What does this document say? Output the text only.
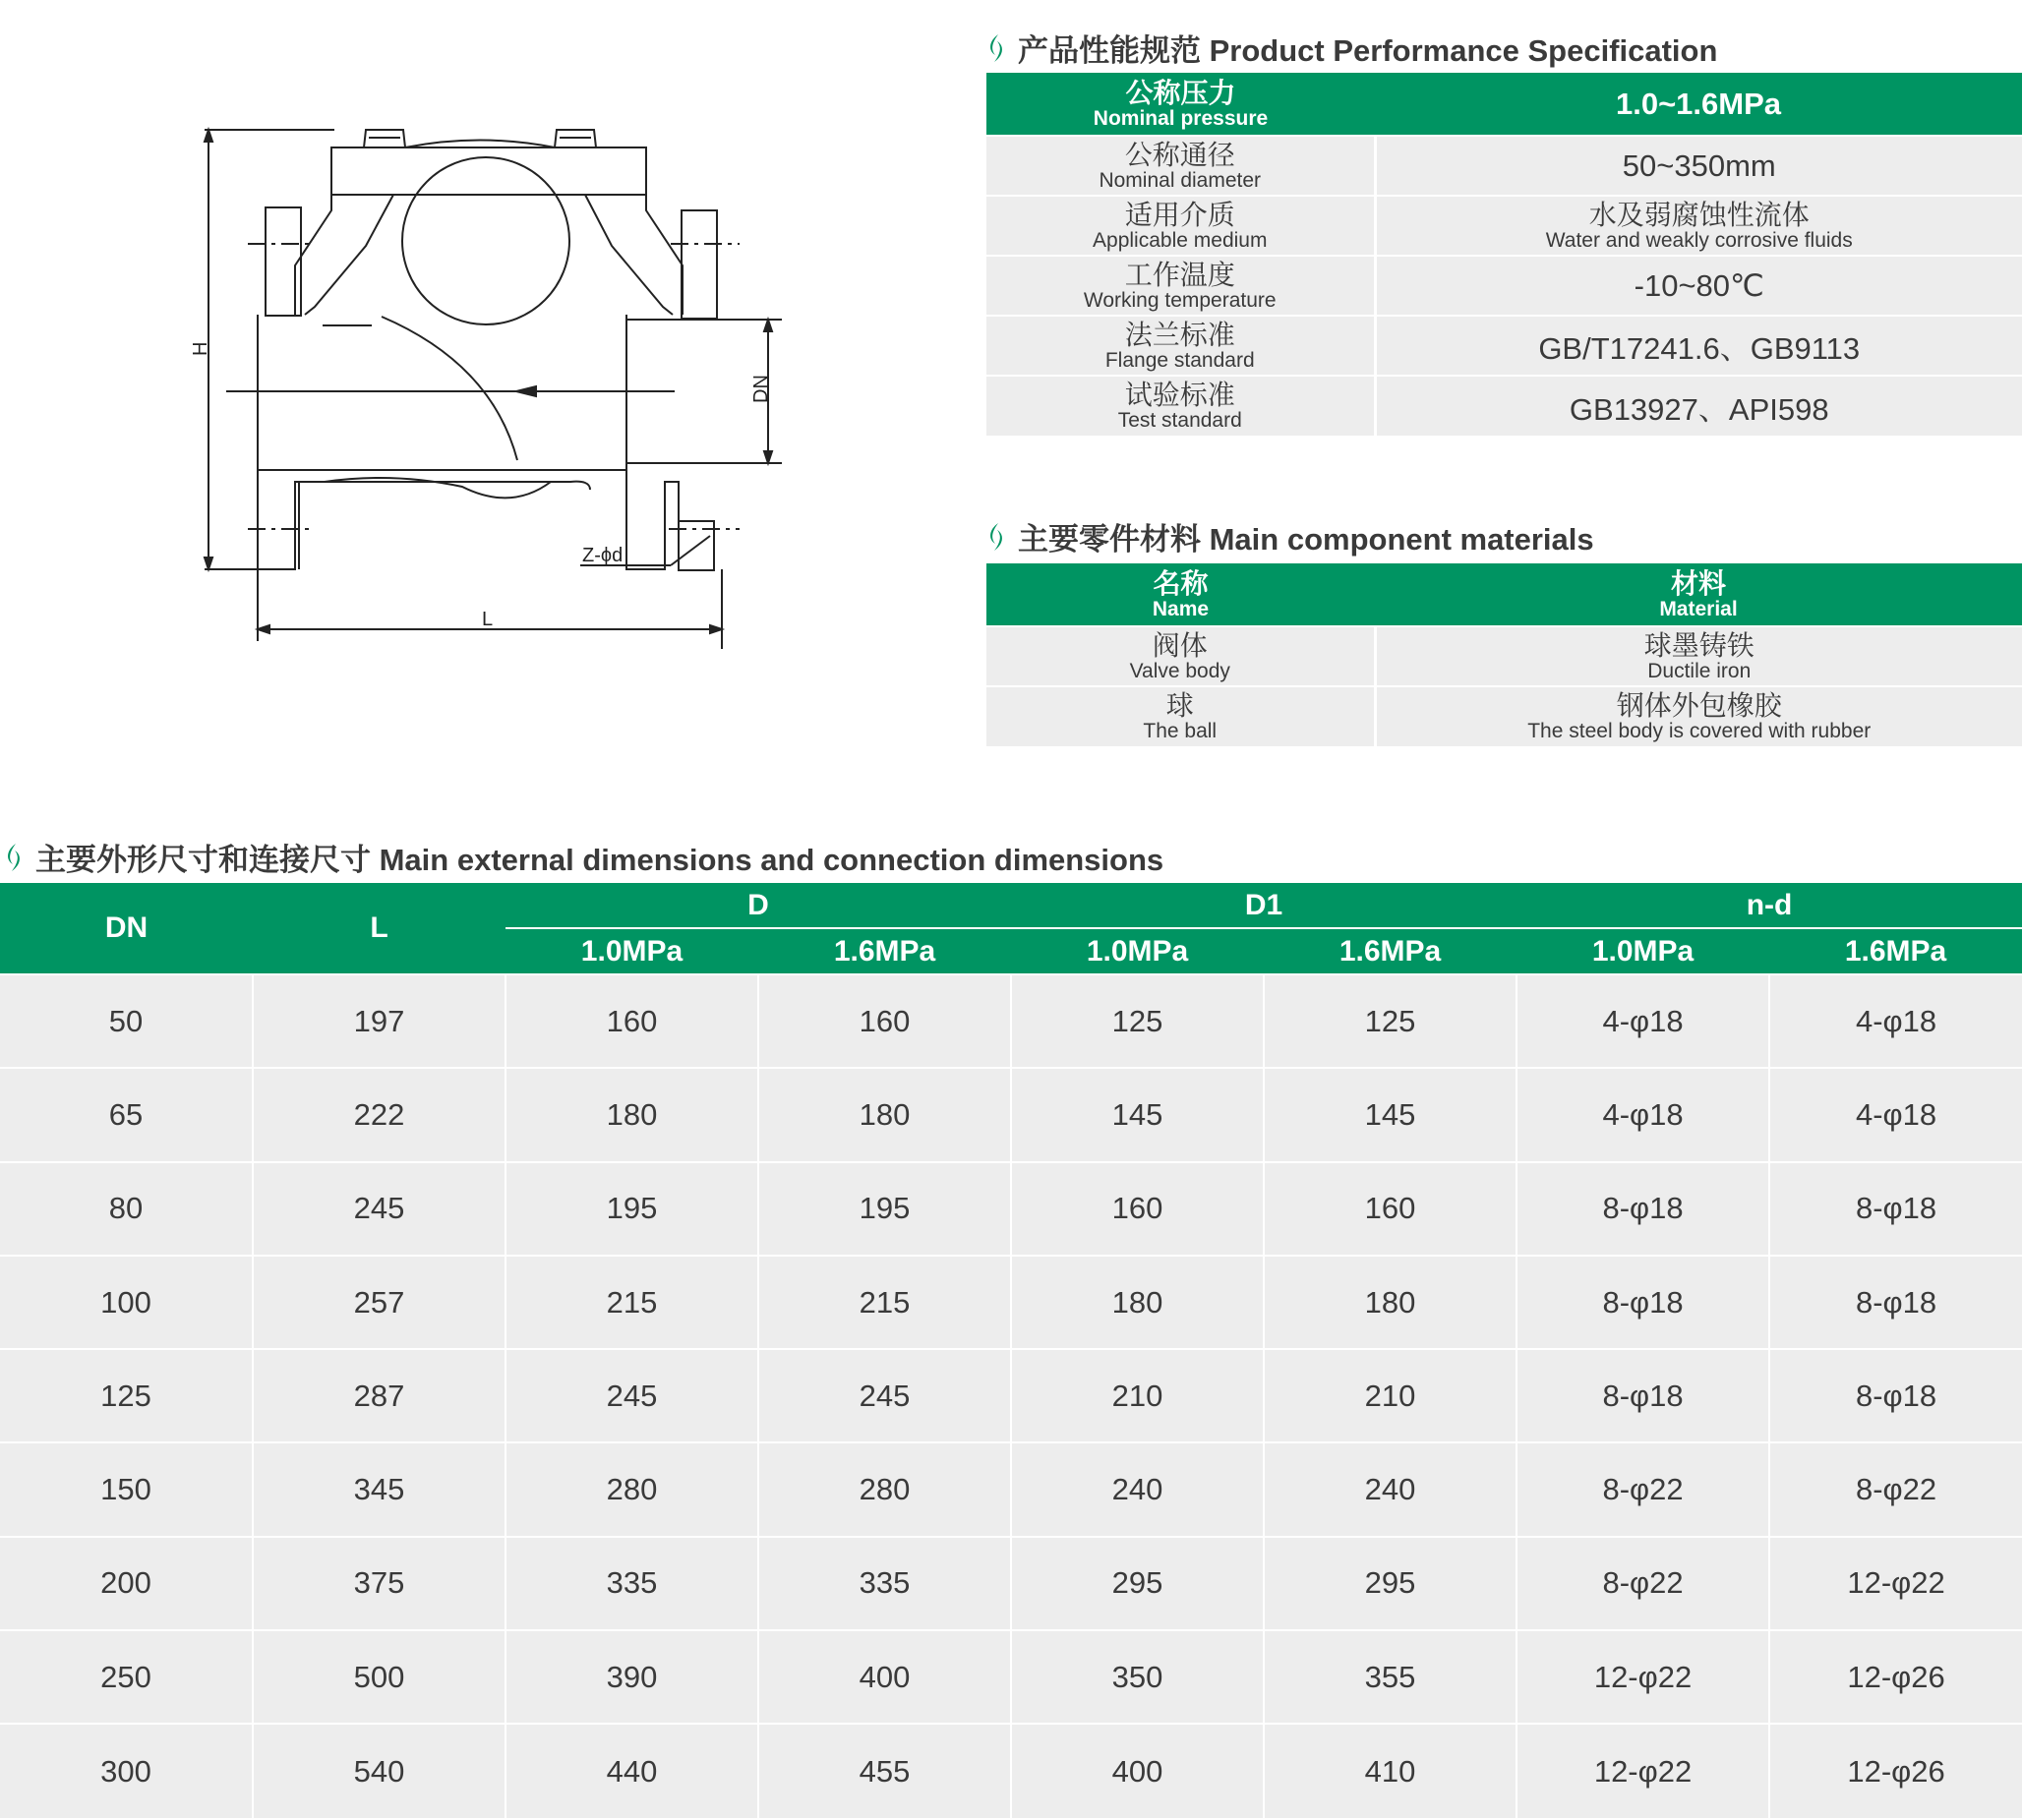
H
DN
Z-ϕd
L
产品性能规范 Product Performance Specification
公称压力
Nominal pressure	1.0~1.6MPa

公称通径
Nominal diameter	50~350mm

适用介质
Applicable medium	水及弱腐蚀性流体
Water and weakly corrosive fluids

工作温度
Working temperature	-10~80℃

法兰标准
Flange standard	GB/T17241.6、GB9113

试验标准
Test standard	GB13927、API598
主要零件材料 Main component materials
名称
Name	材料
Material

阀体
Valve body	球墨铸铁
Ductile iron

球
The ball	钢体外包橡胶
The steel body is covered with rubber
主要外形尺寸和连接尺寸 Main external dimensions and connection dimensions
DN	L	D		D1		n-d	
		1.0MPa	1.6MPa	1.0MPa	1.6MPa	1.0MPa	1.6MPa
50	197	160	160	125	125	4-φ18	4-φ18
65	222	180	180	145	145	4-φ18	4-φ18
80	245	195	195	160	160	8-φ18	8-φ18
100	257	215	215	180	180	8-φ18	8-φ18
125	287	245	245	210	210	8-φ18	8-φ18
150	345	280	280	240	240	8-φ22	8-φ22
200	375	335	335	295	295	8-φ22	12-φ22
250	500	390	400	350	355	12-φ22	12-φ26
300	540	440	455	400	410	12-φ22	12-φ26
